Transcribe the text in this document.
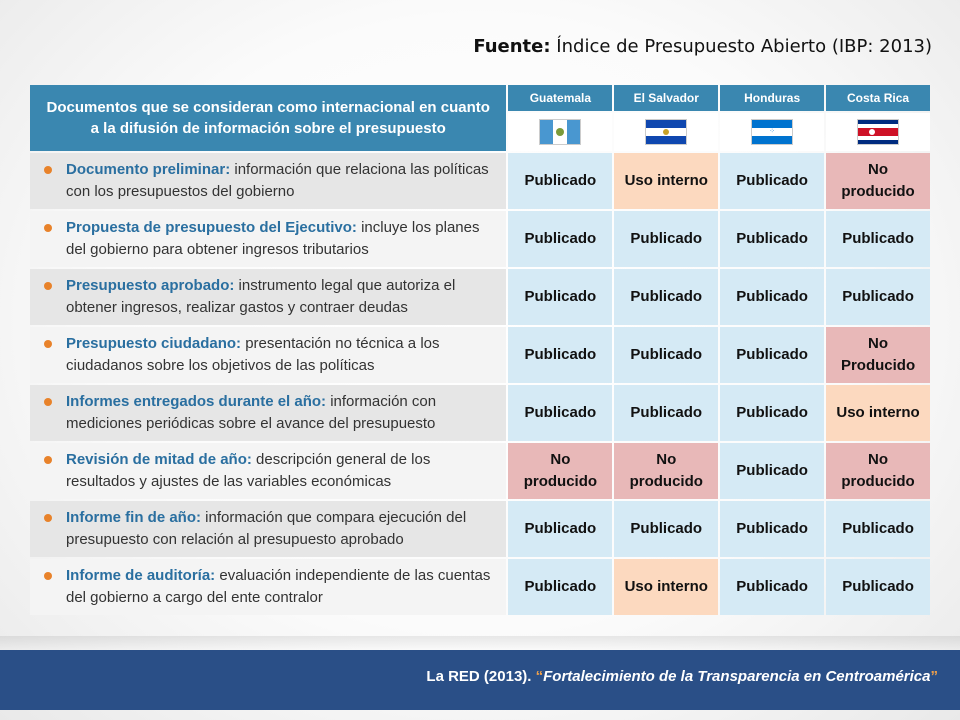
Fuente: Índice de Presupuesto Abierto (IBP: 2013)
Documentos que se consideran como internacional en cuanto a la difusión de información sobre el presupuesto	Guatemala	El Salvador	Honduras	Costa Rica

			⁘	

Documento preliminar: información que relaciona las políticas con los presupuestos del gobierno	Publicado	Uso interno	Publicado	No producido

Propuesta de presupuesto del Ejecutivo: incluye los planes del gobierno para obtener ingresos tributarios	Publicado	Publicado	Publicado	Publicado

Presupuesto aprobado: instrumento legal que autoriza el obtener ingresos, realizar gastos y contraer deudas	Publicado	Publicado	Publicado	Publicado

Presupuesto ciudadano: presentación no técnica a los ciudadanos sobre los objetivos de las políticas	Publicado	Publicado	Publicado	No Producido

Informes entregados durante el año: información con mediciones periódicas sobre el avance del presupuesto	Publicado	Publicado	Publicado	Uso interno

Revisión de mitad de año: descripción general de los resultados y ajustes de las variables económicas	No producido	No producido	Publicado	No producido

Informe fin de año: información que compara ejecución del presupuesto con relación al presupuesto aprobado	Publicado	Publicado	Publicado	Publicado

Informe de auditoría: evaluación independiente de las cuentas del gobierno a cargo del ente contralor	Publicado	Uso interno	Publicado	Publicado
La RED (2013). “Fortalecimiento de la Transparencia en Centroamérica”
